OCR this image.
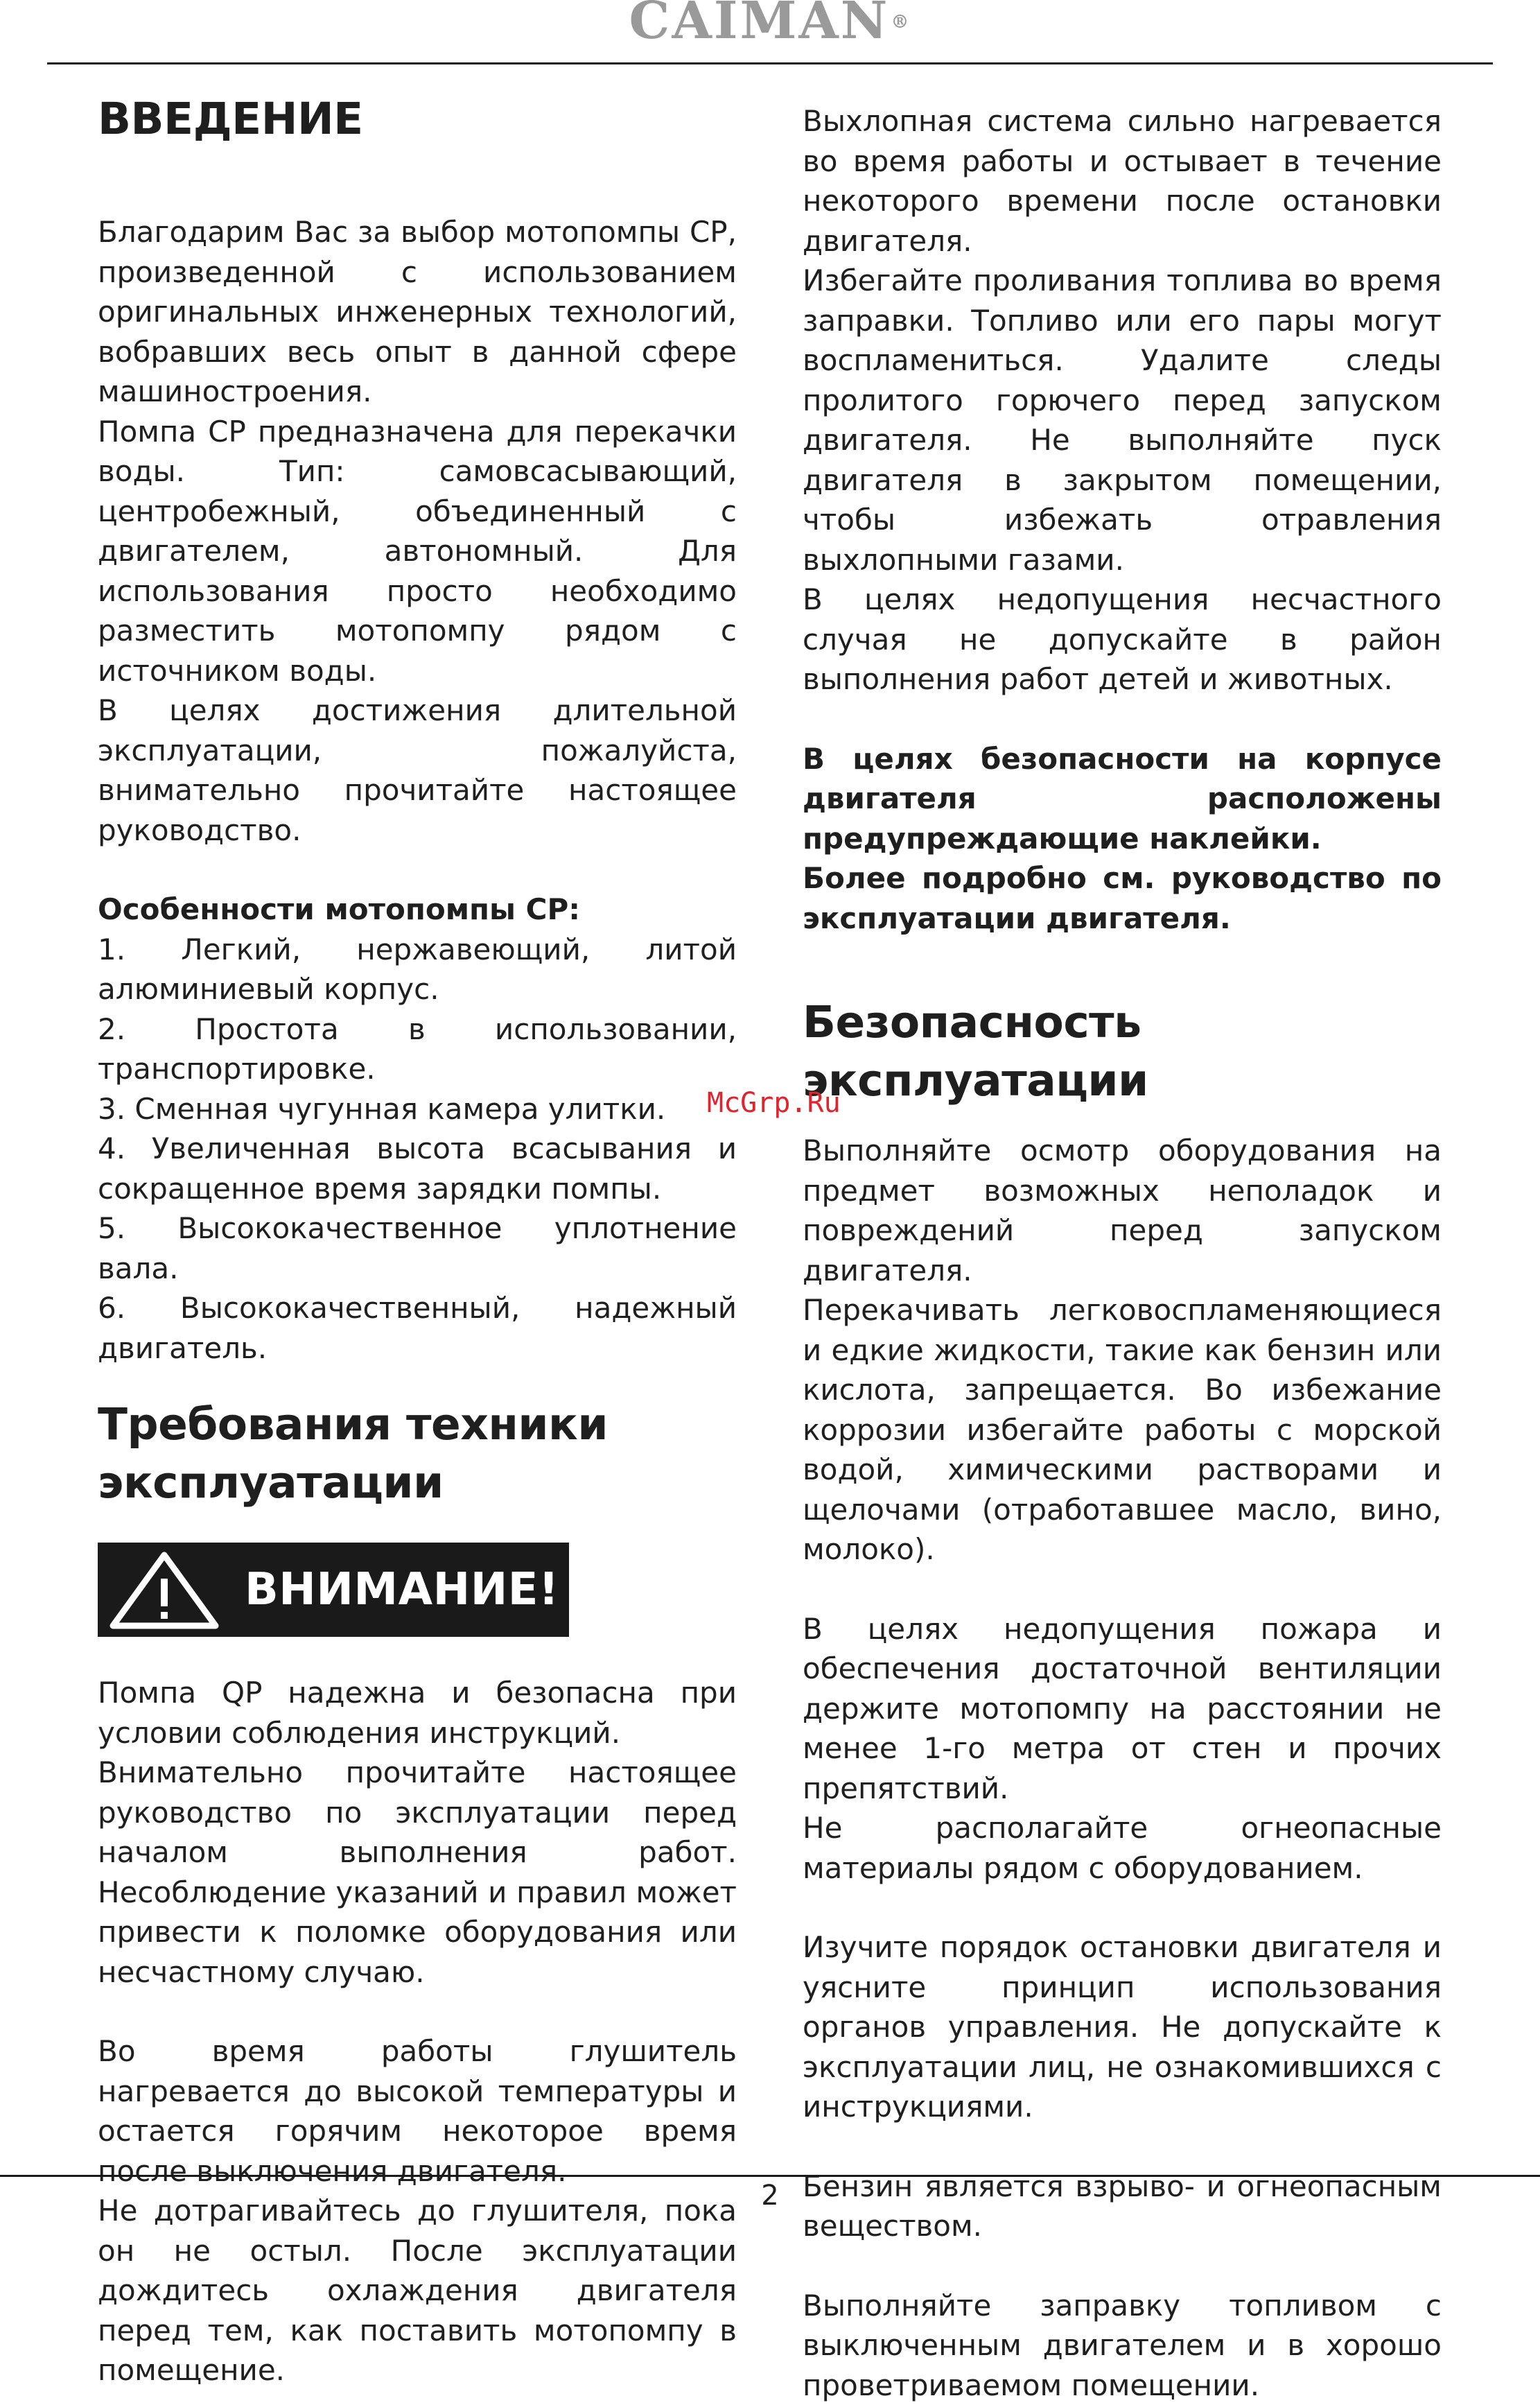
CAIMAN®
ВВЕДЕНИЕ

Благодарим Вас за выбор мотопомпы CP, произведенной с использованием оригинальных инженерных технологий, вобравших весь опыт в данной сфере машиностроения.

Помпа CP предназначена для перекачки воды. Тип: самовсасывающий, центробежный, объединенный с двигателем, автономный. Для использования просто необходимо разместить мотопомпу рядом с источником воды.

В целях достижения длительной эксплуатации, пожалуйста, внимательно прочитайте настоящее руководство.

Особенности мотопомпы CP:

1. Легкий, нержавеющий, литой алюминиевый корпус.

2. Простота в использовании, транспортировке.

3. Сменная чугунная камера улитки.

4. Увеличенная высота всасывания и сокращенное время зарядки помпы.

5. Высококачественное уплотнение вала.

6. Высококачественный, надежный двигатель.

Требования техники эксплуатации
ВНИМАНИЕ!

Помпа QP надежна и безопасна при условии соблюдения инструкций.

Внимательно прочитайте настоящее руководство по эксплуатации перед началом выполнения работ. Несоблюдение указаний и правил может привести к поломке оборудования или несчастному случаю.

Во время работы глушитель нагревается до высокой температуры и остается горячим некоторое время после выключения двигателя.

Не дотрагивайтесь до глушителя, пока он не остыл. После эксплуатации дождитесь охлаждения двигателя перед тем, как поставить мотопомпу в помещение.

Выхлопная система сильно нагревается во время работы и остывает в течение некоторого времени после остановки двигателя.

Избегайте проливания топлива во время заправки. Топливо или его пары могут воспламениться. Удалите следы пролитого горючего перед запуском двигателя. Не выполняйте пуск двигателя в закрытом помещении, чтобы избежать отравления выхлопными газами.

В целях недопущения несчастного случая не допускайте в район выполнения работ детей и животных.

В целях безопасности на корпусе двигателя расположены предупреждающие наклейки.

Более подробно см. руководство по эксплуатации двигателя.

Безопасность эксплуатации

Выполняйте осмотр оборудования на предмет возможных неполадок и повреждений перед запуском двигателя.

Перекачивать легковоспламеняющиеся и едкие жидкости, такие как бензин или кислота, запрещается. Во избежание коррозии избегайте работы с морской водой, химическими растворами и щелочами (отработавшее масло, вино, молоко).

В целях недопущения пожара и обеспечения достаточной вентиляции держите мотопомпу на расстоянии не менее 1-го метра от стен и прочих препятствий.

Не располагайте огнеопасные материалы рядом с оборудованием.

Изучите порядок остановки двигателя и уясните принцип использования органов управления. Не допускайте к эксплуатации лиц, не ознакомившихся с инструкциями.

Бензин является взрыво- и огнеопасным веществом.

Выполняйте заправку топливом с выключенным двигателем и в хорошо проветриваемом помещении.

McGrp.Ru
2
